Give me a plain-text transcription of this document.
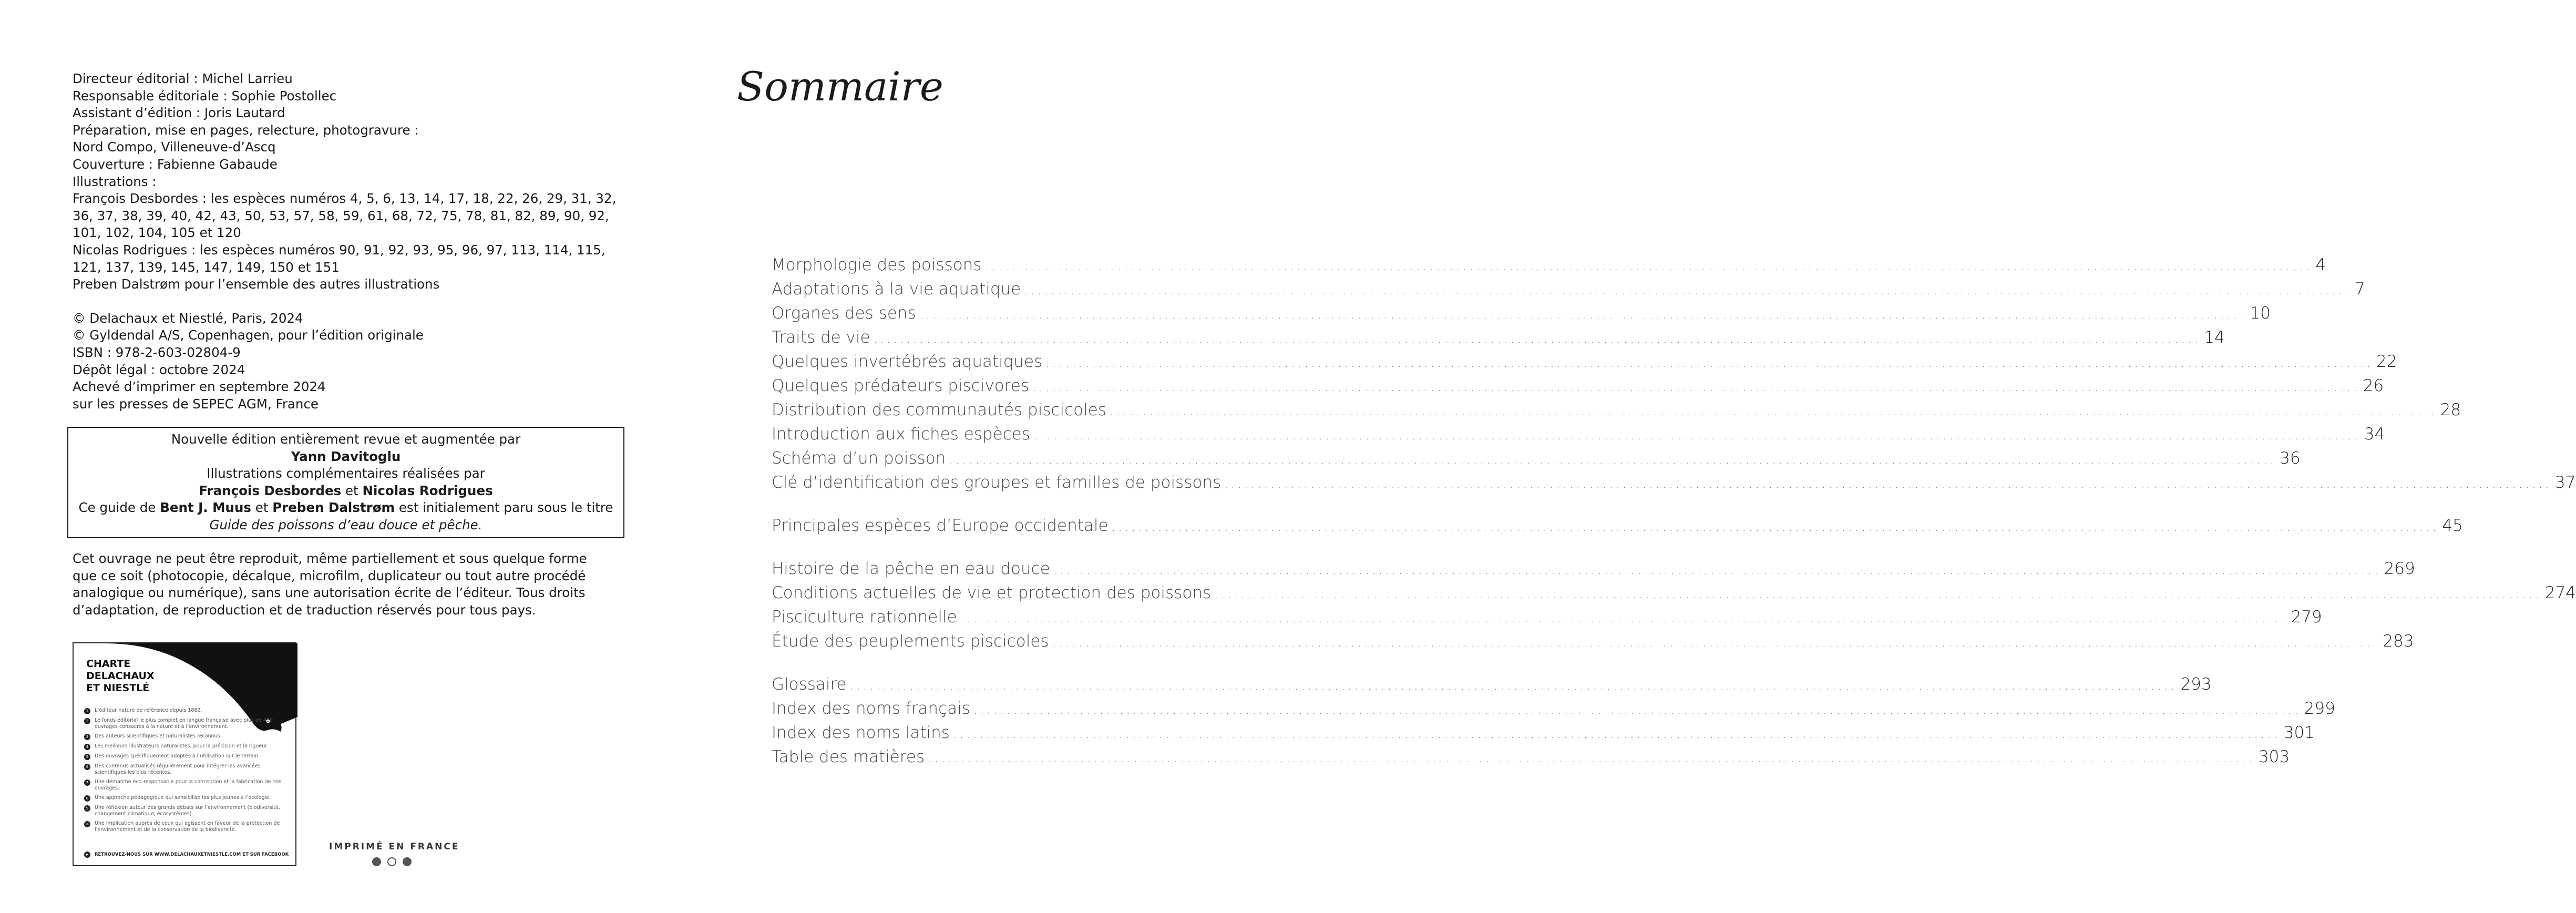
Directeur éditorial : Michel Larrieu
Responsable éditoriale : Sophie Postollec
Assistant d’édition : Joris Lautard
Préparation, mise en pages, relecture, photogravure :
Nord Compo, Villeneuve-d’Ascq
Couverture : Fabienne Gabaude
Illustrations :
François Desbordes : les espèces numéros 4, 5, 6, 13, 14, 17, 18, 22, 26, 29, 31, 32,
36, 37, 38, 39, 40, 42, 43, 50, 53, 57, 58, 59, 61, 68, 72, 75, 78, 81, 82, 89, 90, 92,
101, 102, 104, 105 et 120
Nicolas Rodrigues : les espèces numéros 90, 91, 92, 93, 95, 96, 97, 113, 114, 115,
121, 137, 139, 145, 147, 149, 150 et 151
Preben Dalstrøm pour l’ensemble des autres illustrations
© Delachaux et Niestlé, Paris, 2024
© Gyldendal A/S, Copenhagen, pour l’édition originale
ISBN : 978-2-603-02804-9
Dépôt légal : octobre 2024
Achevé d’imprimer en septembre 2024
sur les presses de SEPEC AGM, France
Nouvelle édition entièrement revue et augmentée par
Yann Davitoglu
Illustrations complémentaires réalisées par
François Desbordes et Nicolas Rodrigues
Ce guide de Bent J. Muus et Preben Dalstrøm est initialement paru sous le titre
Guide des poissons d’eau douce et pêche.
Cet ouvrage ne peut être reproduit, même partiellement et sous quelque forme
que ce soit (photocopie, décalque, microfilm, duplicateur ou tout autre procédé
analogique ou numérique), sans une autorisation écrite de l’éditeur. Tous droits
d’adaptation, de reproduction et de traduction réservés pour tous pays.
CHARTE
DELACHAUX
ET NIESTLÉ
1	L’éditeur nature de référence depuis 1882.
2	Le fonds éditorial le plus complet en langue française avec plus de 450 ouvrages consacrés à la nature et à l’environnement.
3	Des auteurs scientifiques et naturalistes reconnus.
4	Les meilleurs illustrateurs naturalistes, pour la précision et la rigueur.
5	Des ouvrages spécifiquement adaptés à l’utilisation sur le terrain.
6	Des contenus actualisés régulièrement pour intégrer les avancées scientifiques les plus récentes.
7	Une démarche éco-responsable pour la conception et la fabrication de nos ouvrages.
8	Une approche pédagogique qui sensibilise les plus jeunes à l’écologie.
9	Une réflexion autour des grands débats sur l’environnement (biodiversité, changement climatique, écosystèmes).
10 Une implication auprès de ceux qui agissent en faveur de la protection de l’environnement et de la conservation de la biodiversité.
▸	RETROUVEZ-NOUS SUR WWW.DELACHAUXETNIESTLE.COM ET SUR FACEBOOK
IMPRIMÉ EN FRANCE
Sommaire
Morphologie des poissons ........................................................................................................................................................................................................ 4
Adaptations à la vie aquatique ........................................................................................................................................................................................................ 7
Organes des sens ........................................................................................................................................................................................................ 10
Traits de vie ........................................................................................................................................................................................................ 14
Quelques invertébrés aquatiques ........................................................................................................................................................................................................ 22
Quelques prédateurs piscivores ........................................................................................................................................................................................................ 26
Distribution des communautés piscicoles ........................................................................................................................................................................................................ 28
Introduction aux fiches espèces ........................................................................................................................................................................................................ 34
Schéma d’un poisson ........................................................................................................................................................................................................ 36
Clé d’identification des groupes et familles de poissons ........................................................................................................................................................................................................ 37
Principales espèces d’Europe occidentale ........................................................................................................................................................................................................ 45
Histoire de la pêche en eau douce ........................................................................................................................................................................................................ 269
Conditions actuelles de vie et protection des poissons ........................................................................................................................................................................................................ 274
Pisciculture rationnelle ........................................................................................................................................................................................................ 279
Étude des peuplements piscicoles ........................................................................................................................................................................................................ 283
Glossaire ........................................................................................................................................................................................................ 293
Index des noms français ........................................................................................................................................................................................................ 299
Index des noms latins ........................................................................................................................................................................................................ 301
Table des matières ........................................................................................................................................................................................................ 303
